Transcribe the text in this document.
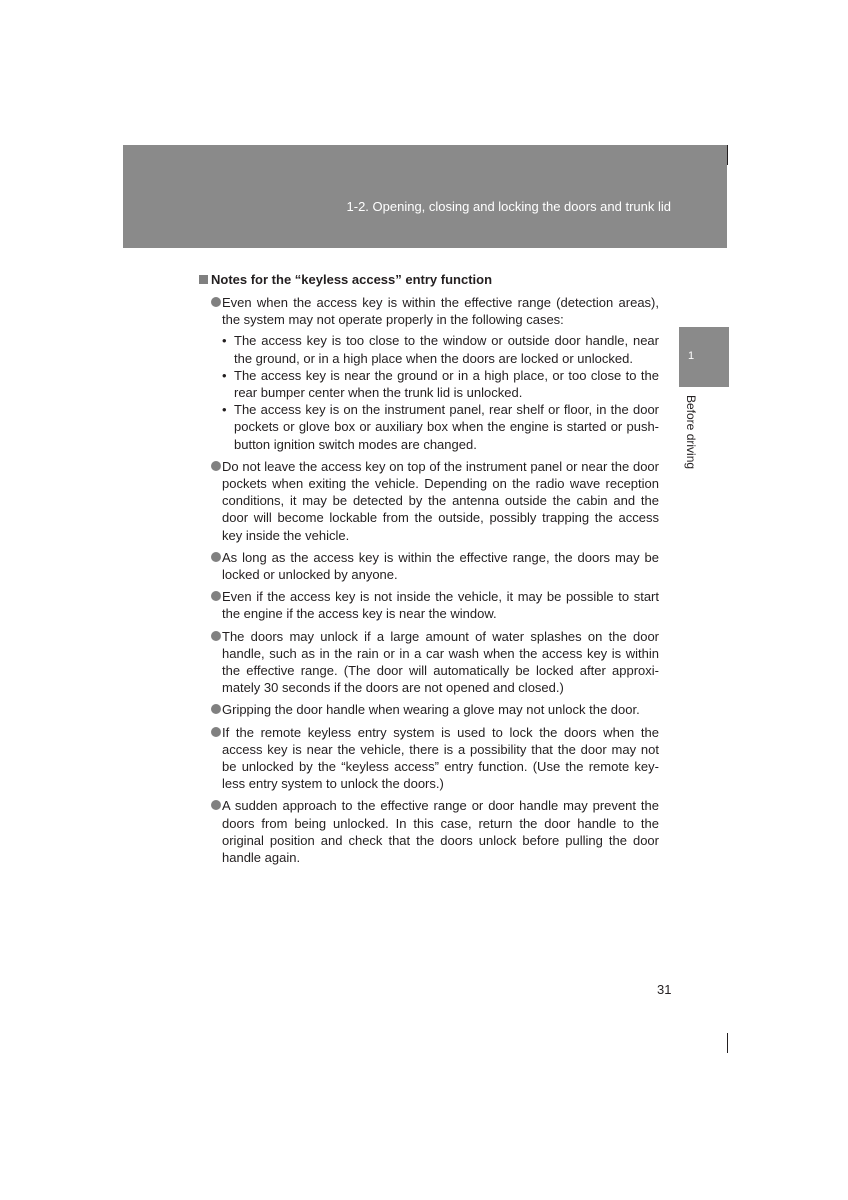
1-2. Opening, closing and locking the doors and trunk lid
1
Before driving
Notes for the “keyless access” entry function
Even when the access key is within the effective range (detection areas), the system may not operate properly in the following cases:
• The access key is too close to the window or outside door handle, near the ground, or in a high place when the doors are locked or unlocked.
• The access key is near the ground or in a high place, or too close to the rear bumper center when the trunk lid is unlocked.
• The access key is on the instrument panel, rear shelf or floor, in the door pockets or glove box or auxiliary box when the engine is started or push-button ignition switch modes are changed.
Do not leave the access key on top of the instrument panel or near the door pockets when exiting the vehicle. Depending on the radio wave reception conditions, it may be detected by the antenna outside the cabin and the door will become lockable from the outside, possibly trapping the access key inside the vehicle.
As long as the access key is within the effective range, the doors may be locked or unlocked by anyone.
Even if the access key is not inside the vehicle, it may be possible to start the engine if the access key is near the window.
The doors may unlock if a large amount of water splashes on the door handle, such as in the rain or in a car wash when the access key is within the effective range. (The door will automatically be locked after approxi-mately 30 seconds if the doors are not opened and closed.)
Gripping the door handle when wearing a glove may not unlock the door.
If the remote keyless entry system is used to lock the doors when the access key is near the vehicle, there is a possibility that the door may not be unlocked by the “keyless access” entry function. (Use the remote key-less entry system to unlock the doors.)
A sudden approach to the effective range or door handle may prevent the doors from being unlocked. In this case, return the door handle to the original position and check that the doors unlock before pulling the door handle again.
31
